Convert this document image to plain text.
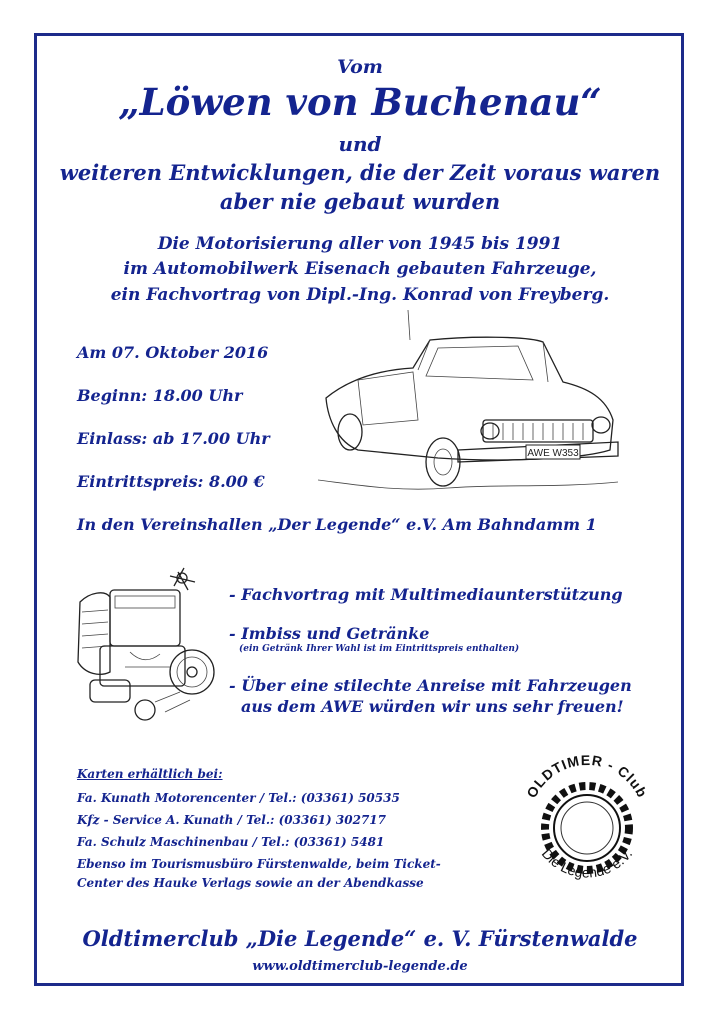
Vom
„Löwen von Buchenau“
und
weiteren Entwicklungen, die der Zeit voraus waren
aber nie gebaut wurden
Die Motorisierung aller von 1945 bis 1991
im Automobilwerk Eisenach gebauten Fahrzeuge,
ein Fachvortrag von Dipl.-Ing. Konrad von Freyberg.
Am 07. Oktober 2016
Beginn: 18.00 Uhr
Einlass: ab 17.00 Uhr
Eintrittspreis: 8.00 €
In den Vereinshallen „Der Legende“ e.V. Am Bahndamm 1
AWE W353
- Fachvortrag mit Multimediaunterstützung
- Imbiss und Getränke
(ein Getränk Ihrer Wahl ist im Eintrittspreis enthalten)
- Über eine stilechte Anreise mit Fahrzeugen
aus dem AWE würden wir uns sehr freuen!
Karten erhältlich bei:
Fa. Kunath Motorencenter / Tel.: (03361) 50535
Kfz - Service A. Kunath / Tel.: (03361) 302717
Fa. Schulz Maschinenbau / Tel.: (03361) 5481
Ebenso im Tourismusbüro Fürstenwalde, beim Ticket-
Center des Hauke Verlags sowie an der Abendkasse
OLDTIMER - Club
Die Legende e.V.
Oldtimerclub „Die Legende“ e. V. Fürstenwalde
www.oldtimerclub-legende.de
